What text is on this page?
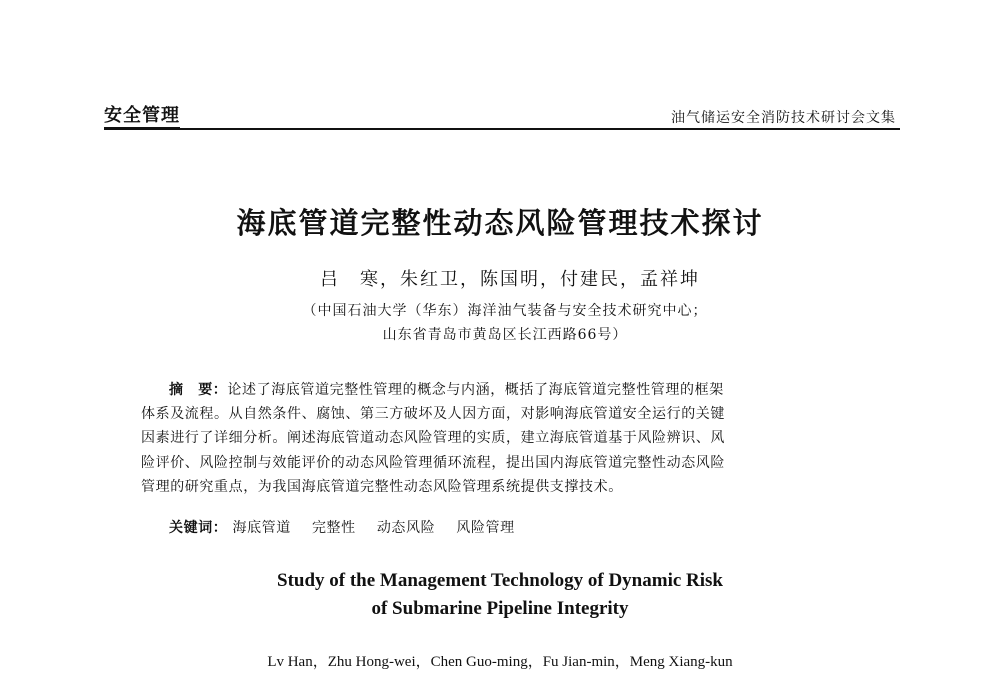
安全管理	油气储运安全消防技术研讨会文集
海底管道完整性动态风险管理技术探讨
吕　寒，朱红卫，陈国明，付建民，孟祥坤
（中国石油大学（华东）海洋油气装备与安全技术研究中心；
山东省青岛市黄岛区长江西路66号）
摘　要：论述了海底管道完整性管理的概念与内涵，概括了海底管道完整性管理的框架
体系及流程。从自然条件、腐蚀、第三方破坏及人因方面，对影响海底管道安全运行的关键
因素进行了详细分析。阐述海底管道动态风险管理的实质，建立海底管道基于风险辨识、风
险评价、风险控制与效能评价的动态风险管理循环流程，提出国内海底管道完整性动态风险
管理的研究重点，为我国海底管道完整性动态风险管理系统提供支撑技术。
关键词： 海底管道 完整性 动态风险 风险管理
Study of the Management Technology of Dynamic Risk
of Submarine Pipeline Integrity
Lv Han，Zhu Hong-wei，Chen Guo-ming，Fu Jian-min，Meng Xiang-kun
